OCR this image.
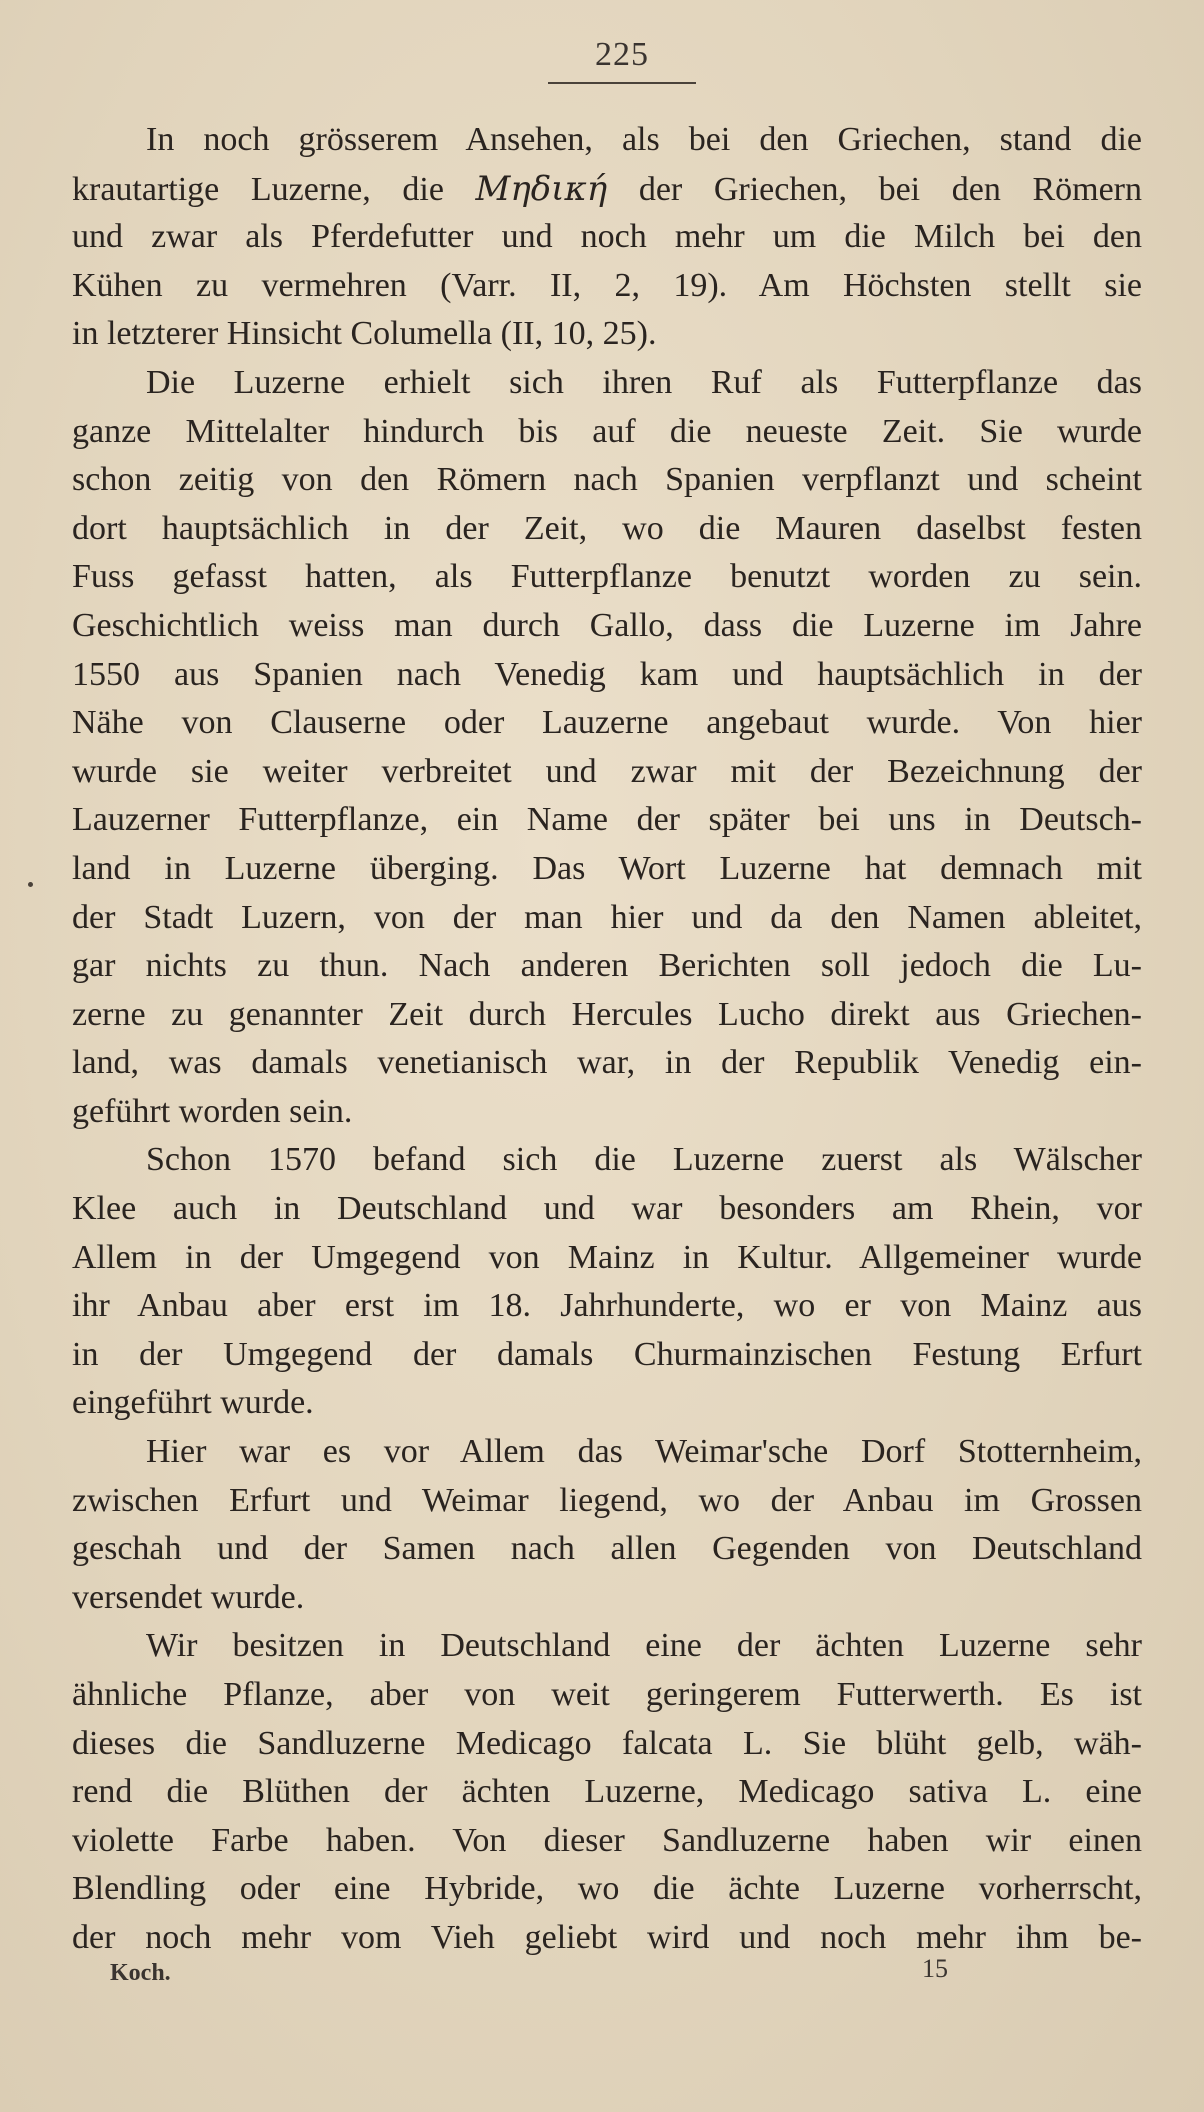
225
In noch grösserem Ansehen, als bei den Griechen, stand die
krautartige Luzerne, die Μηδική der Griechen, bei den Römern
und zwar als Pferdefutter und noch mehr um die Milch bei den
Kühen zu vermehren (Varr. II, 2, 19). Am Höchsten stellt sie
in letzterer Hinsicht Columella (II, 10, 25).
Die Luzerne erhielt sich ihren Ruf als Futterpflanze das
ganze Mittelalter hindurch bis auf die neueste Zeit. Sie wurde
schon zeitig von den Römern nach Spanien verpflanzt und scheint
dort hauptsächlich in der Zeit, wo die Mauren daselbst festen
Fuss gefasst hatten, als Futterpflanze benutzt worden zu sein.
Geschichtlich weiss man durch Gallo, dass die Luzerne im Jahre
1550 aus Spanien nach Venedig kam und hauptsächlich in der
Nähe von Clauserne oder Lauzerne angebaut wurde. Von hier
wurde sie weiter verbreitet und zwar mit der Bezeichnung der
Lauzerner Futterpflanze, ein Name der später bei uns in Deutsch-
land in Luzerne überging. Das Wort Luzerne hat demnach mit
der Stadt Luzern, von der man hier und da den Namen ableitet,
gar nichts zu thun. Nach anderen Berichten soll jedoch die Lu-
zerne zu genannter Zeit durch Hercules Lucho direkt aus Griechen-
land, was damals venetianisch war, in der Republik Venedig ein-
geführt worden sein.
Schon 1570 befand sich die Luzerne zuerst als Wälscher
Klee auch in Deutschland und war besonders am Rhein, vor
Allem in der Umgegend von Mainz in Kultur. Allgemeiner wurde
ihr Anbau aber erst im 18. Jahrhunderte, wo er von Mainz aus
in der Umgegend der damals Churmainzischen Festung Erfurt
eingeführt wurde.
Hier war es vor Allem das Weimar'sche Dorf Stotternheim,
zwischen Erfurt und Weimar liegend, wo der Anbau im Grossen
geschah und der Samen nach allen Gegenden von Deutschland
versendet wurde.
Wir besitzen in Deutschland eine der ächten Luzerne sehr
ähnliche Pflanze, aber von weit geringerem Futterwerth. Es ist
dieses die Sandluzerne Medicago falcata L. Sie blüht gelb, wäh-
rend die Blüthen der ächten Luzerne, Medicago sativa L. eine
violette Farbe haben. Von dieser Sandluzerne haben wir einen
Blendling oder eine Hybride, wo die ächte Luzerne vorherrscht,
der noch mehr vom Vieh geliebt wird und noch mehr ihm be-
Koch.	15
